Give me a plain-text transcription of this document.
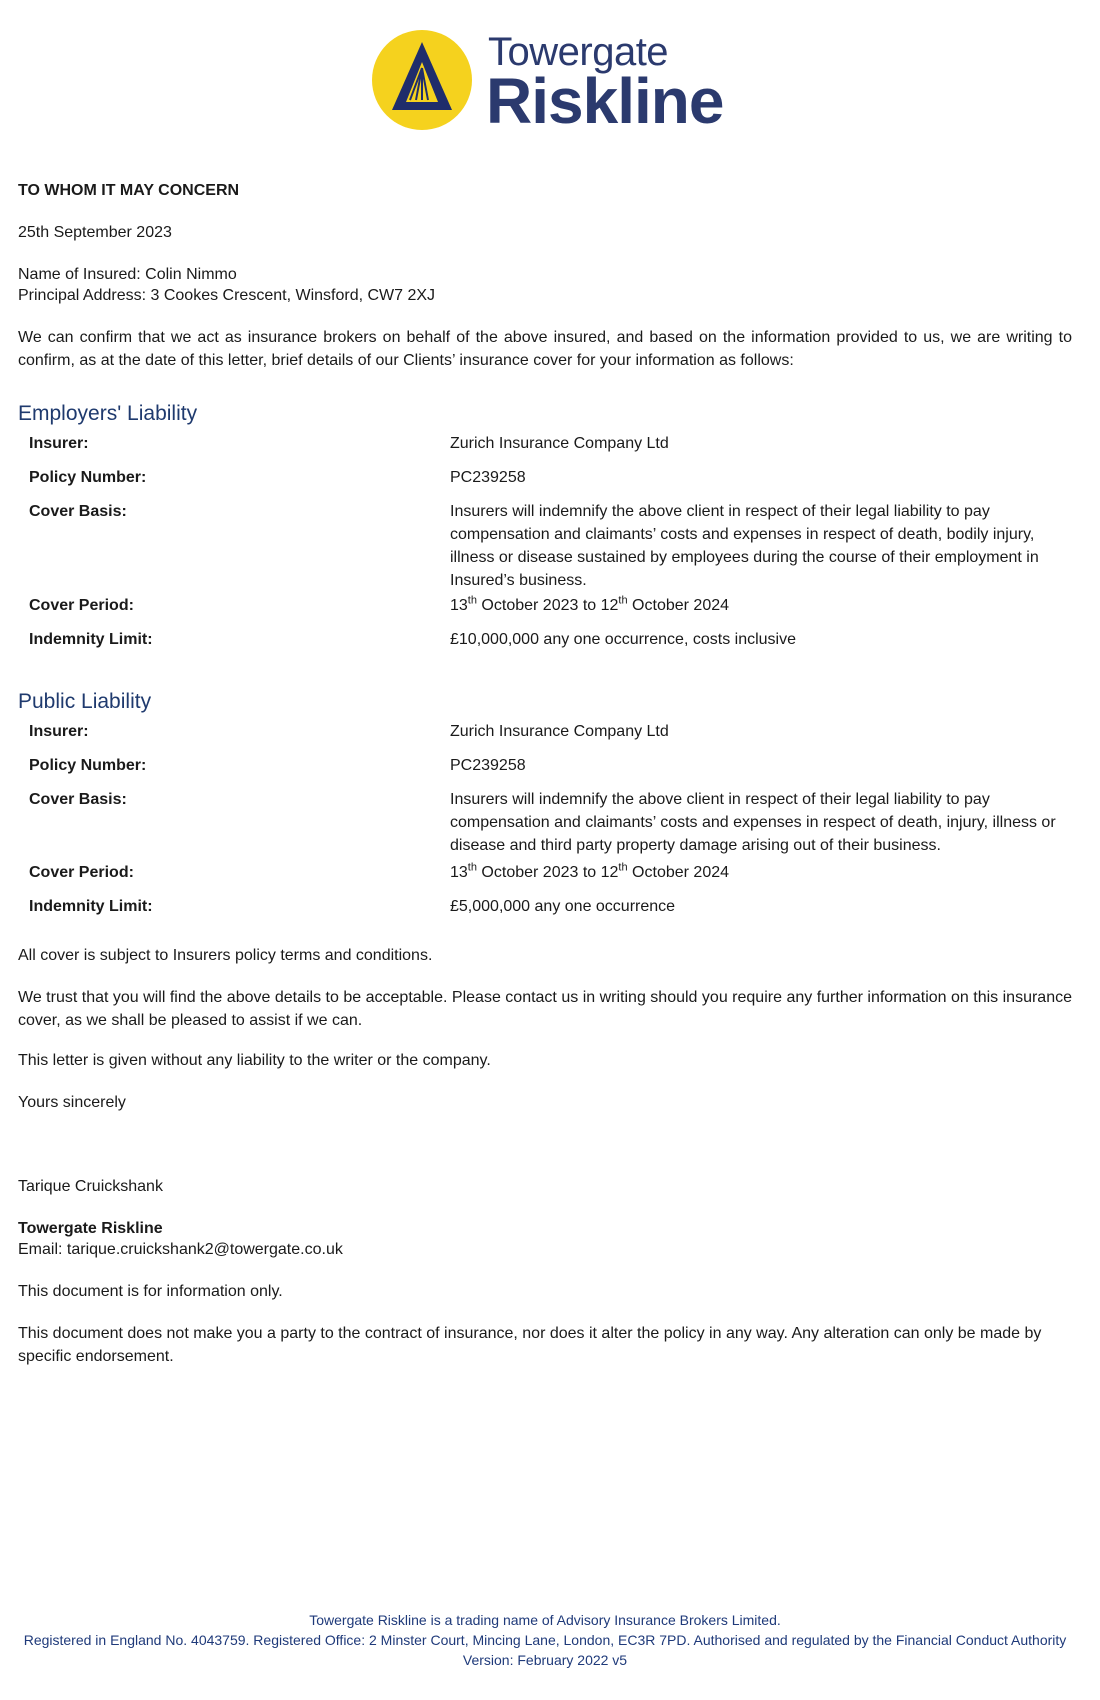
Towergate
Riskline
TO WHOM IT MAY CONCERN
25th September 2023
Name of Insured: Colin Nimmo
Principal Address: 3 Cookes Crescent, Winsford, CW7 2XJ
We can confirm that we act as insurance brokers on behalf of the above insured, and based on the information provided to us, we are writing to confirm, as at the date of this letter, brief details of our Clients’ insurance cover for your information as follows:
Employers' Liability
Insurer:	Zurich Insurance Company Ltd
Policy Number:	PC239258
Cover Basis:	Insurers will indemnify the above client in respect of their legal liability to pay compensation and claimants’ costs and expenses in respect of death, bodily injury, illness or disease sustained by employees during the course of their employment in Insured’s business.
Cover Period:	13th October 2023 to 12th October 2024
Indemnity Limit:	£10,000,000 any one occurrence, costs inclusive
Public Liability
Insurer:	Zurich Insurance Company Ltd
Policy Number:	PC239258
Cover Basis:	Insurers will indemnify the above client in respect of their legal liability to pay compensation and claimants’ costs and expenses in respect of death, injury, illness or disease and third party property damage arising out of their business.
Cover Period:	13th October 2023 to 12th October 2024
Indemnity Limit:	£5,000,000 any one occurrence
All cover is subject to Insurers policy terms and conditions.
We trust that you will find the above details to be acceptable. Please contact us in writing should you require any further information on this insurance cover, as we shall be pleased to assist if we can.
This letter is given without any liability to the writer or the company.
Yours sincerely
Tarique Cruickshank
Towergate Riskline
Email: tarique.cruickshank2@towergate.co.uk
This document is for information only.
This document does not make you a party to the contract of insurance, nor does it alter the policy in any way. Any alteration can only be made by specific endorsement.
Towergate Riskline is a trading name of Advisory Insurance Brokers Limited.
Registered in England No. 4043759. Registered Office: 2 Minster Court, Mincing Lane, London, EC3R 7PD. Authorised and regulated by the Financial Conduct Authority
Version: February 2022 v5
